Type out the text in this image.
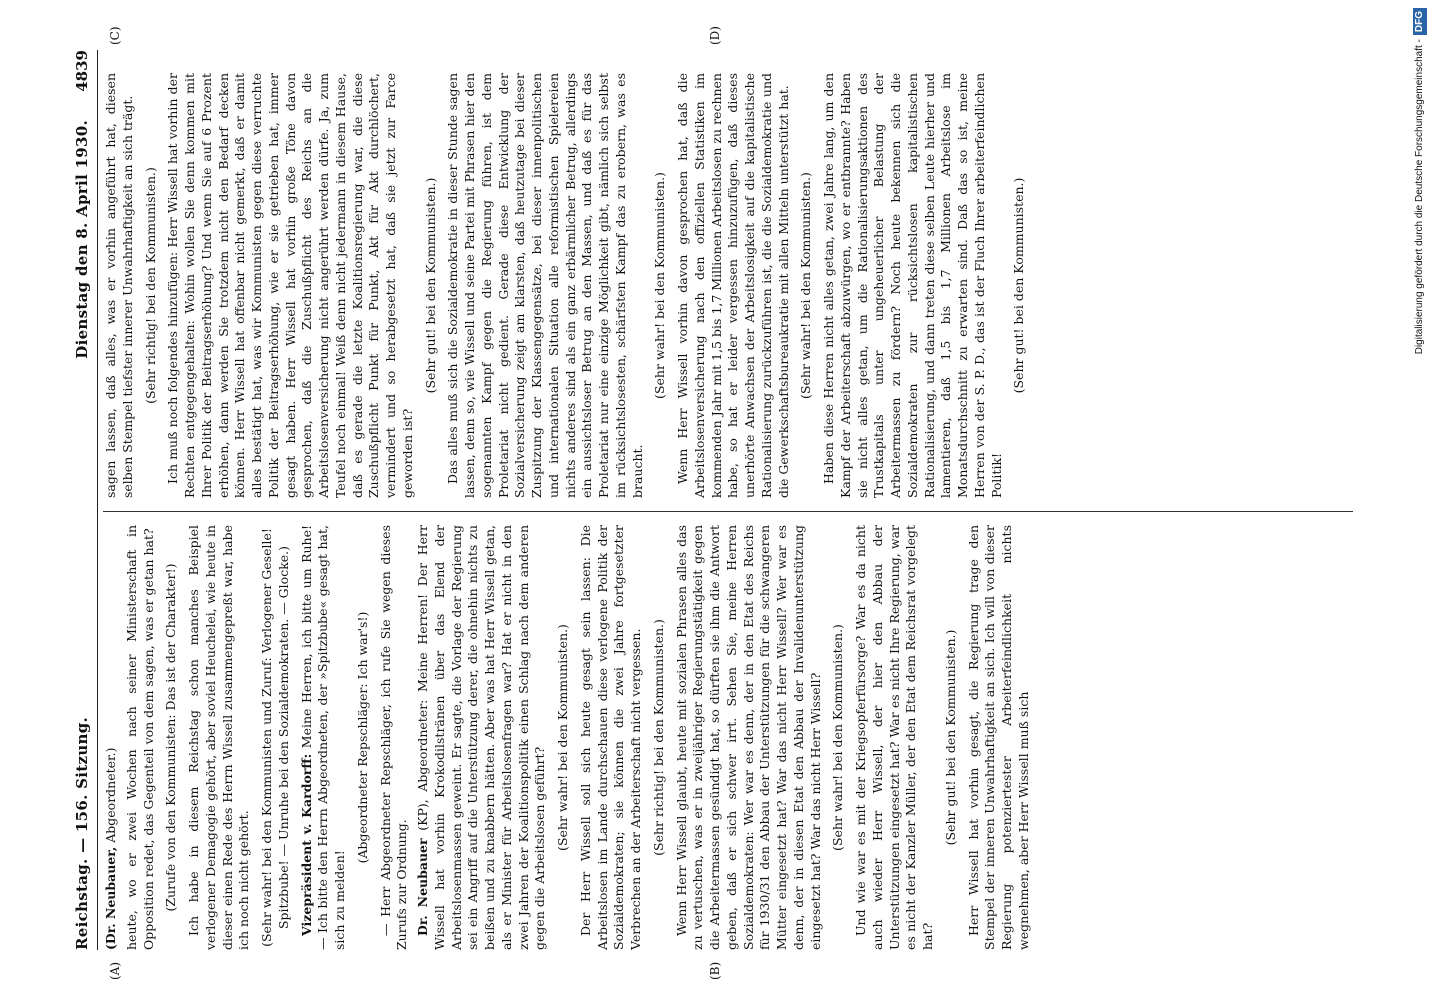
Reichstag. — 156. Sitzung.
Dienstag den 8. April 1930.
4839

(Dr. Neubauer, Abgeordneter.) heute, wo er zwei Wochen nach seiner Ministerschaft in Opposition redet, das Gegenteil von dem sagen, was er getan hat? (Zurufe von den Kommunisten: Das ist der Charakter!) Ich habe in diesem Reichstag schon manches Beispiel verlogener Demagogie gehört, aber soviel Heuchelei, wie heute in dieser einen Rede des Herrn Wissell zusammengepreßt war, habe ich noch nicht gehört. (Sehr wahr! bei den Kommunisten und Zuruf: Verlogener Geselle! Spitzbube! — Unruhe bei den Sozialdemokraten. — Glocke.) Vizepräsident v. Kardorff: Meine Herren, ich bitte um Ruhe! — Ich bitte den Herrn Abgeordneten, der »Spitzbube« gesagt hat, sich zu melden!

(Abgeordneter Repschläger: Ich war's!) — Herr Abgeordneter Repschläger, ich rufe Sie wegen dieses Zurufs zur Ordnung. Dr. Neubauer (KP), Abgeordneter: Meine Herren! Der Herr Wissell hat vorhin Krokodilstränen über das Elend der Arbeitslosenmassen geweint. Er sagte, die Vorlage der Regierung sei ein Angriff auf die Unterstützung derer, die ohnehin nichts zu beißen und zu knabbern hätten. Aber was hat Herr Wissell getan, als er Minister für Arbeitslosenfragen war? Hat er nicht in den zwei Jahren der Koalitionspolitik einen Schlag nach dem anderen gegen die Arbeitslosen geführt? (Sehr wahr! bei den Kommunisten.) Der Herr Wissell soll sich heute gesagt sein lassen: Die Arbeitslosen im Lande durchschauen diese verlogene Politik der Sozialdemokraten; sie können die zwei Jahre fortgesetzter Verbrechen an der Arbeiterschaft nicht vergessen. (Sehr richtig! bei den Kommunisten.) Wenn Herr Wissell glaubt, heute mit sozialen Phrasen alles das zu vertuschen, was er in zweijähriger Regierungstätigkeit gegen die Arbeitermassen gesündigt hat, so dürften sie ihm die Antwort geben, daß er sich schwer irrt. Sehen Sie, meine Herren Sozialdemokraten: Wer war es denn, der in den Etat des Reichs für 1930/31 den Abbau der Unterstützungen für die schwangeren Mütter eingesetzt hat? War das nicht Herr Wissell? Wer war es denn, der in diesen Etat den Abbau der Invalidenunterstützung eingesetzt hat? War das nicht Herr Wissell? (Sehr wahr! bei den Kommunisten.) Und wie war es mit der Kriegsopferfürsorge? War es da nicht auch wieder Herr Wissell, der hier den Abbau der Unterstützungen eingesetzt hat? War es nicht Ihre Regierung, war es nicht der Kanzler Müller, der den Etat dem Reichsrat vorgelegt hat?

(Sehr gut! bei den Kommunisten.) Herr Wissell hat vorhin gesagt, die Regierung trage den Stempel der inneren Unwahrhaftigkeit an sich. Ich will von dieser Regierung potenziertester Arbeiterfeindlichkeit nichts wegnehmen, aber Herr Wissell muß sich

sagen lassen, daß alles, was er vorhin angeführt hat, diesen selben Stempel tiefster innerer Unwahrhaftigkeit an sich trägt. (Sehr richtig! bei den Kommunisten.) Ich muß noch folgendes hinzufügen: Herr Wissell hat vorhin der Rechten entgegengehalten: Wohin wollen Sie denn kommen mit Ihrer Politik der Beitragserhöhung? Und wenn Sie auf 6 Prozent erhöhen, dann werden Sie trotzdem nicht den Bedarf decken können. Herr Wissell hat offenbar nicht gemerkt, daß er damit alles bestätigt hat, was wir Kommunisten gegen diese verruchte Politik der Beitragserhöhung, wie er sie getrieben hat, immer gesagt haben. Herr Wissell hat vorhin große Töne davon gesprochen, daß die Zuschußpflicht des Reichs an die Arbeitslosenversicherung nicht angerührt werden dürfe. Ja, zum Teufel noch einmal! Weiß denn nicht jedermann in diesem Hause, daß es gerade die letzte Koalitionsregierung war, die diese Zuschußpflicht Punkt für Punkt, Akt für Akt durchlöchert, vermindert und so herabgesetzt hat, daß sie jetzt zur Farce geworden ist?

(Sehr gut! bei den Kommunisten.) Das alles muß sich die Sozialdemokratie in dieser Stunde sagen lassen, denn so, wie Wissell und seine Partei mit Phrasen hier den sogenannten Kampf gegen die Regierung führen, ist dem Proletariat nicht gedient. Gerade diese Entwicklung der Sozialversicherung zeigt am klarsten, daß heutzutage bei dieser Zuspitzung der Klassengegensätze, bei dieser innenpolitischen und internationalen Situation alle reformistischen Spielereien nichts anderes sind als ein ganz erbärmlicher Betrug, allerdings ein aussichtsloser Betrug an den Massen, und daß es für das Proletariat nur eine einzige Möglichkeit gibt, nämlich sich selbst im rücksichtslosesten, schärfsten Kampf das zu erobern, was es braucht.

(Sehr wahr! bei den Kommunisten.) Wenn Herr Wissell vorhin davon gesprochen hat, daß die Arbeitslosenversicherung nach den offiziellen Statistiken im kommenden Jahr mit 1,5 bis 1,7 Millionen Arbeitslosen zu rechnen habe, so hat er leider vergessen hinzuzufügen, daß dieses unerhörte Anwachsen der Arbeitslosigkeit auf die kapitalistische Rationalisierung zurückzuführen ist, die die Sozialdemokratie und die Gewerkschaftsbureaukratie mit allen Mitteln unterstützt hat. (Sehr wahr! bei den Kommunisten.) Haben diese Herren nicht alles getan, zwei Jahre lang, um den Kampf der Arbeiterschaft abzuwürgen, wo er entbrannte? Haben sie nicht alles getan, um die Rationalisierungsaktionen des Trustkapitals unter ungeheuerlicher Belastung der Arbeitermassen zu fördern? Noch heute bekennen sich die Sozialdemokraten zur rücksichtslosen kapitalistischen Rationalisierung, und dann treten diese selben Leute hierher und lamentieren, daß 1,5 bis 1,7 Millionen Arbeitslose im Monatsdurchschnitt zu erwarten sind. Daß das so ist, meine Herren von der S. P. D., das ist der Fluch Ihrer arbeiterfeindlichen Politik!

(Sehr gut! bei den Kommunisten.)

(A)	(B)
(C)	(D)
Digitalisierung gefördert durch die Deutsche Forschungsgemeinschaft -DFG
